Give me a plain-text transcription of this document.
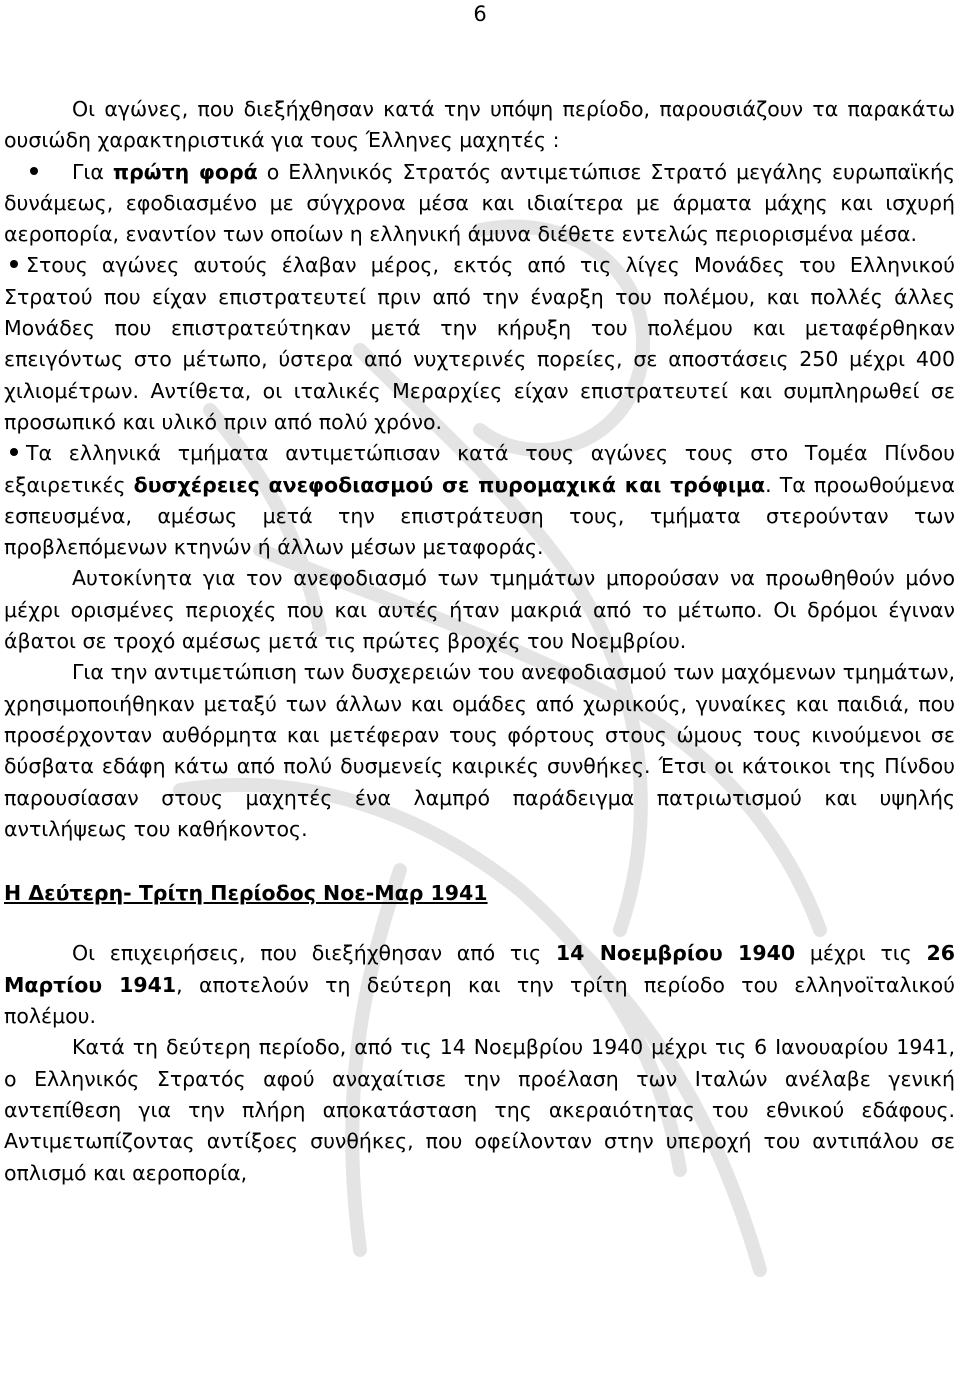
6

Οι αγώνες, που διεξήχθησαν κατά την υπόψη περίοδο, παρουσιάζουν τα παρακάτω ουσιώδη χαρακτηριστικά για τους Έλληνες μαχητές :

Για πρώτη φορά ο Ελληνικός Στρατός αντιμετώπισε Στρατό μεγάλης ευρωπαϊκής δυνάμεως, εφοδιασμένο με σύγχρονα μέσα και ιδιαίτερα με άρματα μάχης και ισχυρή αεροπορία, εναντίον των οποίων η ελληνική άμυνα διέθετε εντελώς περιορισμένα μέσα.

Στους αγώνες αυτούς έλαβαν μέρος, εκτός από τις λίγες Μονάδες του Ελληνικού Στρατού που είχαν επιστρατευτεί πριν από την έναρξη του πολέμου, και πολλές άλλες Μονάδες που επιστρατεύτηκαν μετά την κήρυξη του πολέμου και μεταφέρθηκαν επειγόντως στο μέτωπο, ύστερα από νυχτερινές πορείες, σε αποστάσεις 250 μέχρι 400 χιλιομέτρων. Αντίθετα, οι ιταλικές Μεραρχίες είχαν επιστρατευτεί και συμπληρωθεί σε προσωπικό και υλικό πριν από πολύ χρόνο.

Τα ελληνικά τμήματα αντιμετώπισαν κατά τους αγώνες τους στο Τομέα Πίνδου εξαιρετικές δυσχέρειες ανεφοδιασμού σε πυρομαχικά και τρόφιμα. Τα προωθούμενα εσπευσμένα, αμέσως μετά την επιστράτευση τους, τμήματα στερούνταν των προβλεπόμενων κτηνών ή άλλων μέσων μεταφοράς.

Αυτοκίνητα για τον ανεφοδιασμό των τμημάτων μπορούσαν να προωθηθούν μόνο μέχρι ορισμένες περιοχές που και αυτές ήταν μακριά από το μέτωπο. Οι δρόμοι έγιναν άβατοι σε τροχό αμέσως μετά τις πρώτες βροχές του Νοεμβρίου.

Για την αντιμετώπιση των δυσχερειών του ανεφοδιασμού των μαχόμενων τμημάτων, χρησιμοποιήθηκαν μεταξύ των άλλων και ομάδες από χωρικούς, γυναίκες και παιδιά, που προσέρχονταν αυθόρμητα και μετέφεραν τους φόρτους στους ώμους τους κινούμενοι σε δύσβατα εδάφη κάτω από πολύ δυσμενείς καιρικές συνθήκες. Έτσι οι κάτοικοι της Πίνδου παρουσίασαν στους μαχητές ένα λαμπρό παράδειγμα πατριωτισμού και υψηλής αντιλήψεως του καθήκοντος.

Η Δεύτερη- Τρίτη Περίοδος Νοε-Μαρ 1941

Οι επιχειρήσεις, που διεξήχθησαν από τις 14 Νοεμβρίου 1940 μέχρι τις 26 Μαρτίου 1941, αποτελούν τη δεύτερη και την τρίτη περίοδο του ελληνοϊταλικού πολέμου.

Κατά τη δεύτερη περίοδο, από τις 14 Νοεμβρίου 1940 μέχρι τις 6 Ιανουαρίου 1941, ο Ελληνικός Στρατός αφού αναχαίτισε την προέλαση των Ιταλών ανέλαβε γενική αντεπίθεση για την πλήρη αποκατάσταση της ακεραιότητας του εθνικού εδάφους. Αντιμετωπίζοντας αντίξοες συνθήκες, που οφείλονταν στην υπεροχή του αντιπάλου σε οπλισμό και αεροπορία,
